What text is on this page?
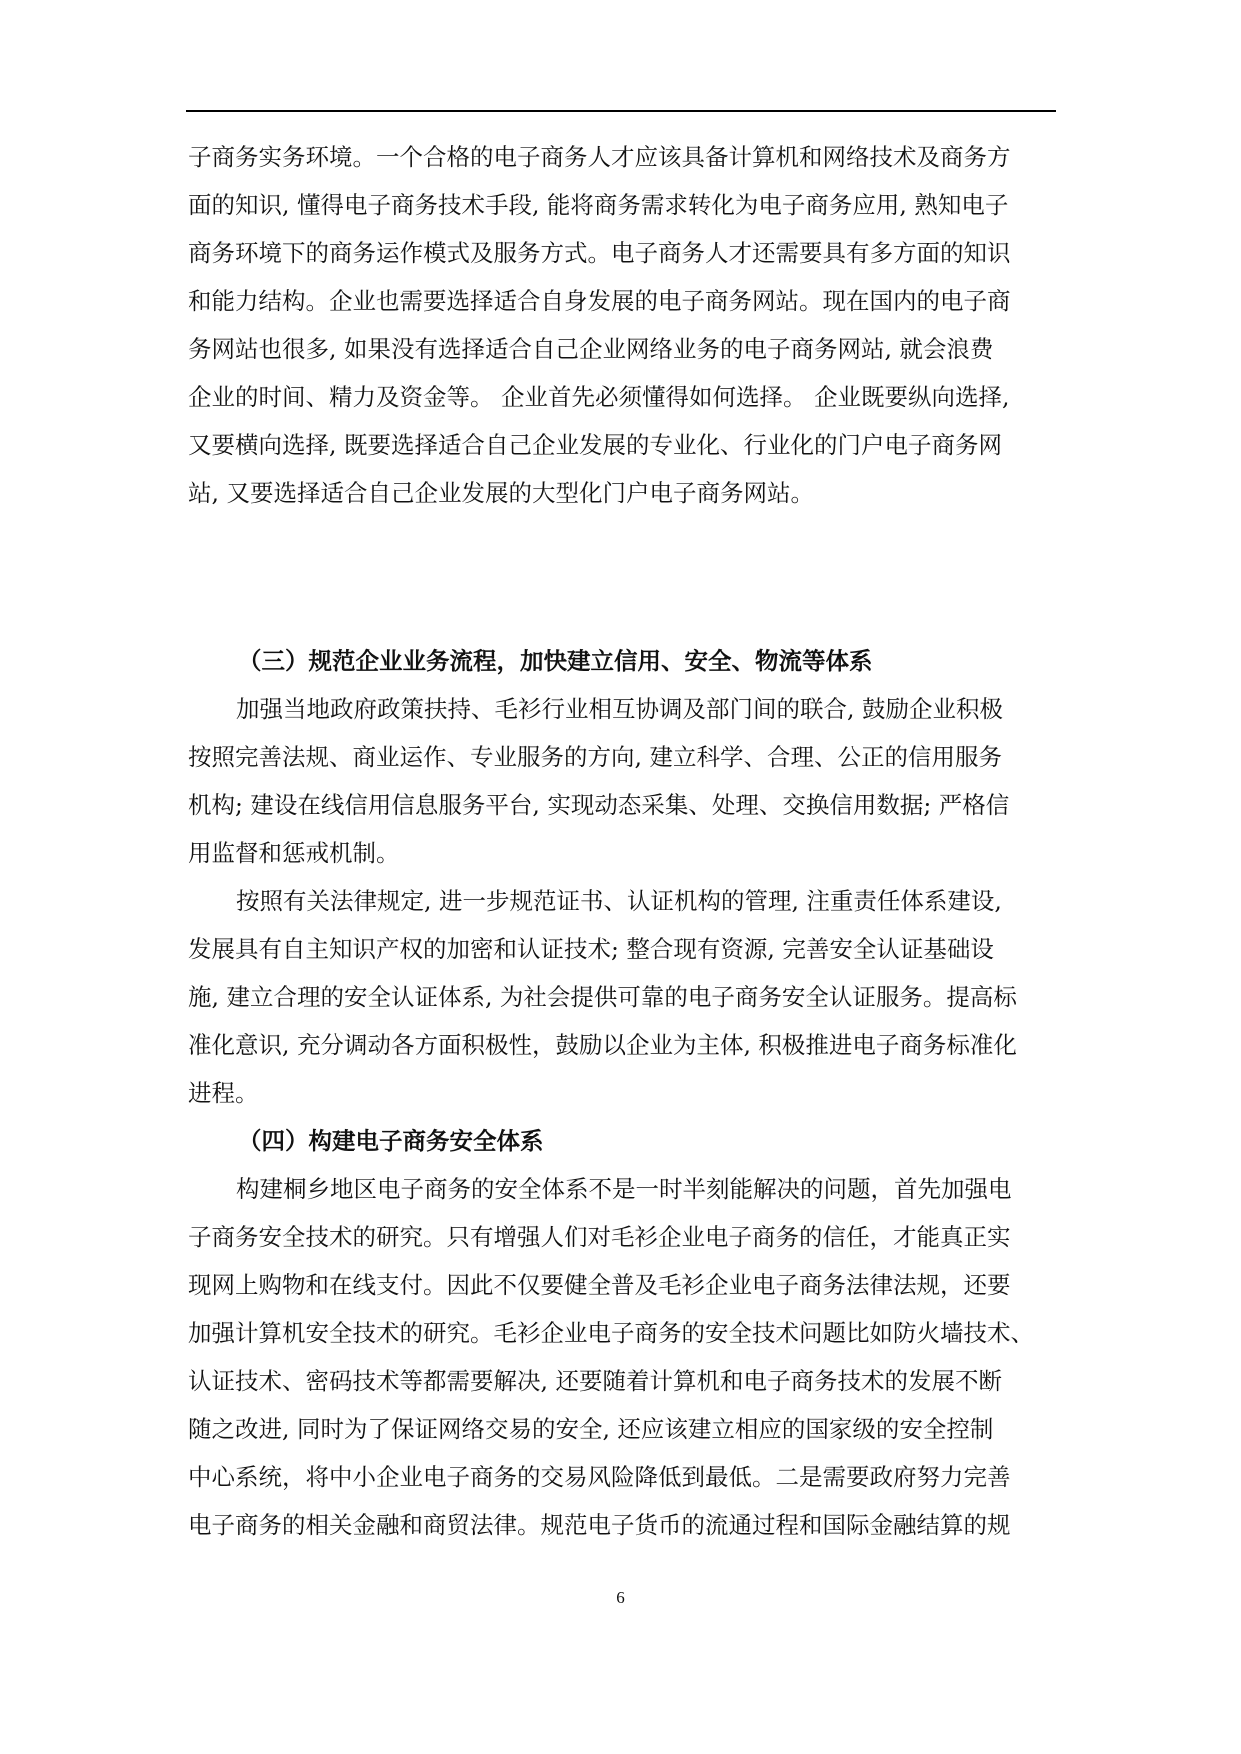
子商务实务环境。一个合格的电子商务人才应该具备计算机和网络技术及商务方
面的知识, 懂得电子商务技术手段, 能将商务需求转化为电子商务应用, 熟知电子
商务环境下的商务运作模式及服务方式。电子商务人才还需要具有多方面的知识
和能力结构。企业也需要选择适合自身发展的电子商务网站。现在国内的电子商
务网站也很多, 如果没有选择适合自己企业网络业务的电子商务网站, 就会浪费
企业的时间、精力及资金等。 企业首先必须懂得如何选择。 企业既要纵向选择,
又要横向选择, 既要选择适合自己企业发展的专业化、行业化的门户电子商务网
站, 又要选择适合自己企业发展的大型化门户电子商务网站。
（三）规范企业业务流程，加快建立信用、安全、物流等体系
加强当地政府政策扶持、毛衫行业相互协调及部门间的联合, 鼓励企业积极
按照完善法规、商业运作、专业服务的方向, 建立科学、合理、公正的信用服务
机构; 建设在线信用信息服务平台, 实现动态采集、处理、交换信用数据; 严格信
用监督和惩戒机制。
按照有关法律规定, 进一步规范证书、认证机构的管理, 注重责任体系建设,
发展具有自主知识产权的加密和认证技术; 整合现有资源, 完善安全认证基础设
施, 建立合理的安全认证体系, 为社会提供可靠的电子商务安全认证服务。提高标
准化意识, 充分调动各方面积极性，鼓励以企业为主体, 积极推进电子商务标准化
进程。
（四）构建电子商务安全体系
构建桐乡地区电子商务的安全体系不是一时半刻能解决的问题，首先加强电
子商务安全技术的研究。只有增强人们对毛衫企业电子商务的信任，才能真正实
现网上购物和在线支付。因此不仅要健全普及毛衫企业电子商务法律法规，还要
加强计算机安全技术的研究。毛衫企业电子商务的安全技术问题比如防火墙技术、
认证技术、密码技术等都需要解决, 还要随着计算机和电子商务技术的发展不断
随之改进, 同时为了保证网络交易的安全, 还应该建立相应的国家级的安全控制
中心系统，将中小企业电子商务的交易风险降低到最低。二是需要政府努力完善
电子商务的相关金融和商贸法律。规范电子货币的流通过程和国际金融结算的规
6
